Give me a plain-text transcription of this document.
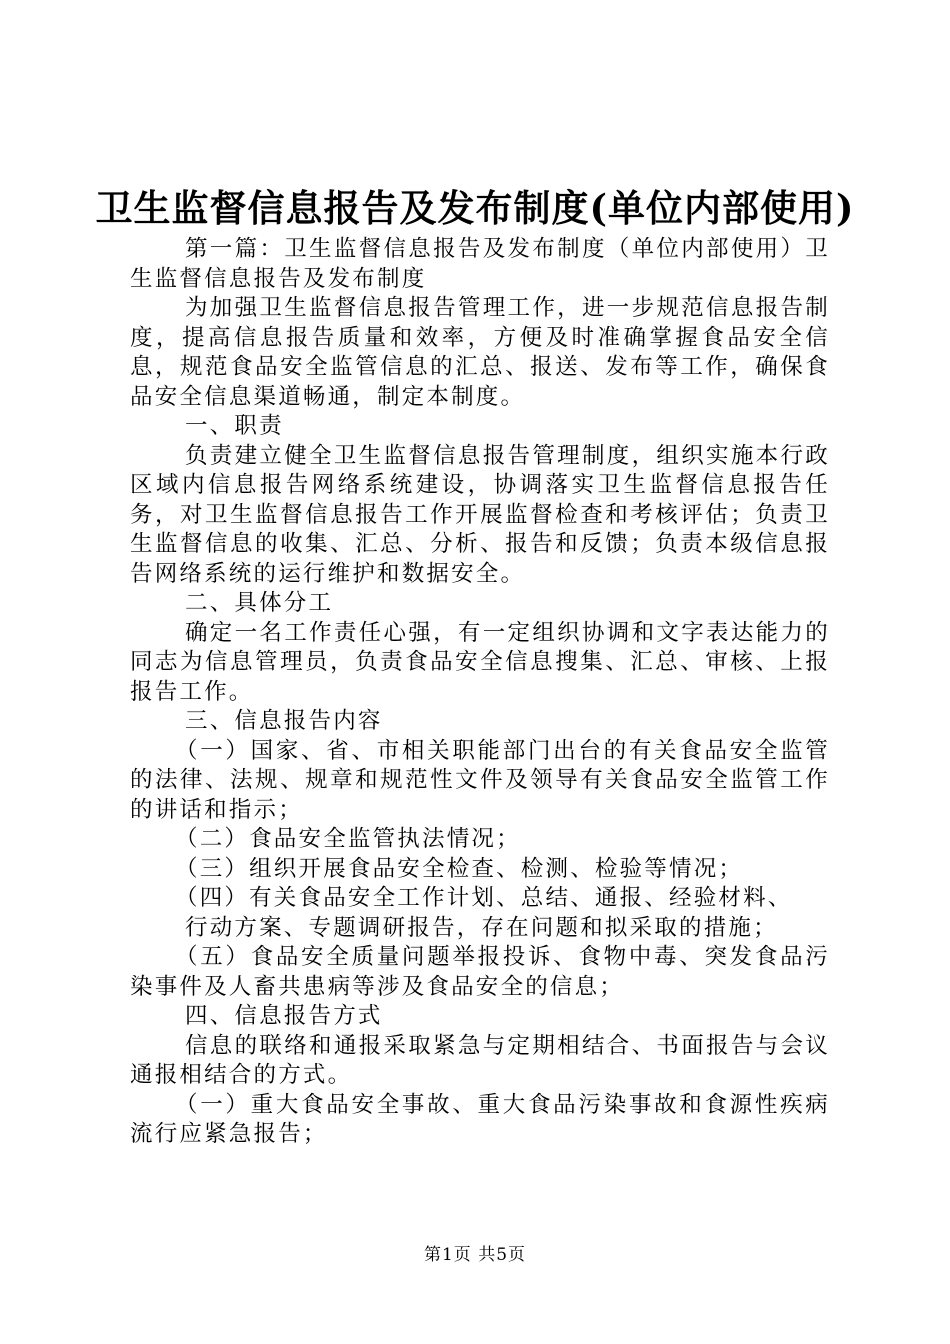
卫生监督信息报告及发布制度(单位内部使用)

第一篇：卫生监督信息报告及发布制度（单位内部使用）卫生监督信息报告及发布制度

为加强卫生监督信息报告管理工作，进一步规范信息报告制度，提高信息报告质量和效率，方便及时准确掌握食品安全信息，规范食品安全监管信息的汇总、报送、发布等工作，确保食品安全信息渠道畅通，制定本制度。

一、职责

负责建立健全卫生监督信息报告管理制度，组织实施本行政区域内信息报告网络系统建设，协调落实卫生监督信息报告任务，对卫生监督信息报告工作开展监督检查和考核评估；负责卫生监督信息的收集、汇总、分析、报告和反馈；负责本级信息报告网络系统的运行维护和数据安全。

二、具体分工

确定一名工作责任心强，有一定组织协调和文字表达能力的同志为信息管理员，负责食品安全信息搜集、汇总、审核、上报报告工作。

三、信息报告内容

（一）国家、省、市相关职能部门出台的有关食品安全监管的法律、法规、规章和规范性文件及领导有关食品安全监管工作的讲话和指示；

（二）食品安全监管执法情况；

（三）组织开展食品安全检查、检测、检验等情况；

（四）有关食品安全工作计划、总结、通报、经验材料、

行动方案、专题调研报告，存在问题和拟采取的措施；

（五）食品安全质量问题举报投诉、食物中毒、突发食品污染事件及人畜共患病等涉及食品安全的信息；

四、信息报告方式

信息的联络和通报采取紧急与定期相结合、书面报告与会议通报相结合的方式。

（一）重大食品安全事故、重大食品污染事故和食源性疾病流行应紧急报告；

第1页 共5页
